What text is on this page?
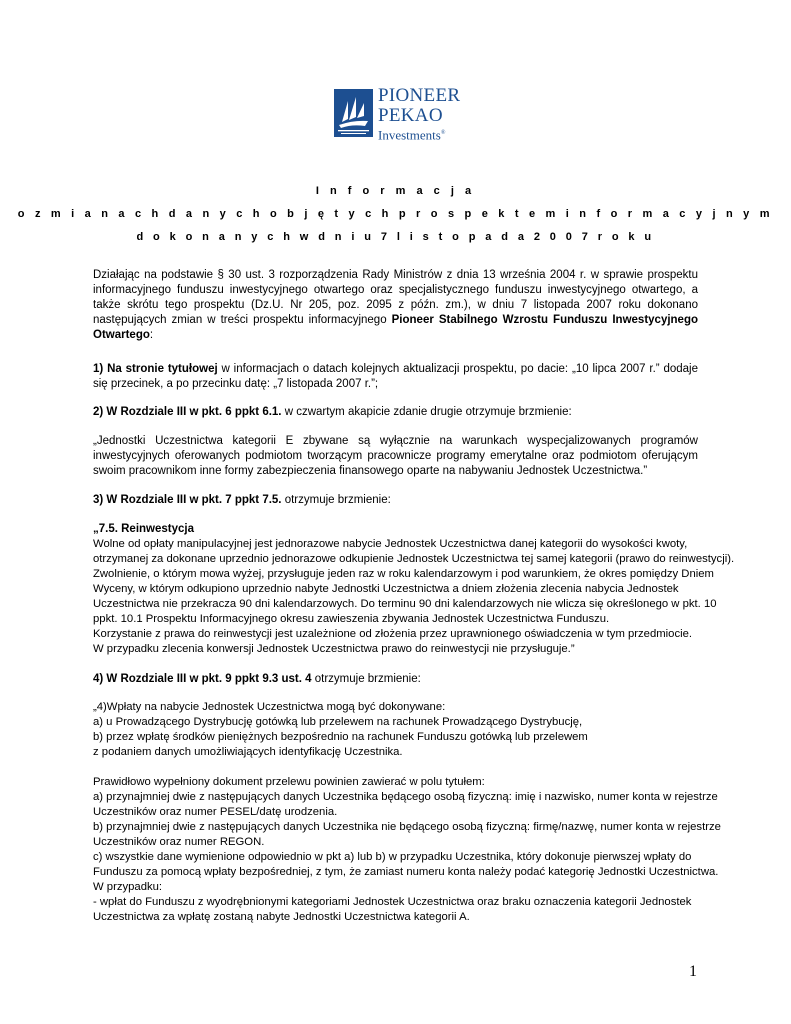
PIONEER
PEKAO
Investments®
I n f o r m a c j a
o z m i a n a c h d a n y c h o b j ę t y c h p r o s p e k t e m i n f o r m a c y j n y m
d o k o n a n y c h w d n i u 7 l i s t o p a d a 2 0 0 7 r o k u
Działając na podstawie § 30 ust. 3 rozporządzenia Rady Ministrów z dnia 13 września 2004 r. w sprawie prospektu informacyjnego funduszu inwestycyjnego otwartego oraz specjalistycznego funduszu inwestycyjnego otwartego, a także skrótu tego prospektu (Dz.U. Nr 205, poz. 2095 z późn. zm.), w dniu 7 listopada 2007 roku dokonano następujących zmian w treści prospektu informacyjnego Pioneer Stabilnego Wzrostu Funduszu Inwestycyjnego Otwartego:
1) Na stronie tytułowej w informacjach o datach kolejnych aktualizacji prospektu, po dacie: „10 lipca 2007 r.” dodaje się przecinek, a po przecinku datę: „7 listopada 2007 r.”;
2) W Rozdziale III w pkt. 6 ppkt 6.1. w czwartym akapicie zdanie drugie otrzymuje brzmienie:
„Jednostki Uczestnictwa kategorii E zbywane są wyłącznie na warunkach wyspecjalizowanych programów inwestycyjnych oferowanych podmiotom tworzącym pracownicze programy emerytalne oraz podmiotom oferującym swoim pracownikom inne formy zabezpieczenia finansowego oparte na nabywaniu Jednostek Uczestnictwa.”
3) W Rozdziale III w pkt. 7 ppkt 7.5. otrzymuje brzmienie:
„7.5. Reinwestycja
Wolne od opłaty manipulacyjnej jest jednorazowe nabycie Jednostek Uczestnictwa danej kategorii do wysokości kwoty,
otrzymanej za dokonane uprzednio jednorazowe odkupienie Jednostek Uczestnictwa tej samej kategorii (prawo do reinwestycji).
Zwolnienie, o którym mowa wyżej, przysługuje jeden raz w roku kalendarzowym i pod warunkiem, że okres pomiędzy Dniem
Wyceny, w którym odkupiono uprzednio nabyte Jednostki Uczestnictwa a dniem złożenia zlecenia nabycia Jednostek
Uczestnictwa nie przekracza 90 dni kalendarzowych. Do terminu 90 dni kalendarzowych nie wlicza się określonego w pkt. 10
ppkt. 10.1 Prospektu Informacyjnego okresu zawieszenia zbywania Jednostek Uczestnictwa Funduszu.
Korzystanie z prawa do reinwestycji jest uzależnione od złożenia przez uprawnionego oświadczenia w tym przedmiocie.
W przypadku zlecenia konwersji Jednostek Uczestnictwa prawo do reinwestycji nie przysługuje.”
4) W Rozdziale III w pkt. 9 ppkt 9.3 ust. 4 otrzymuje brzmienie:
„4)Wpłaty na nabycie Jednostek Uczestnictwa mogą być dokonywane:
a) u Prowadzącego Dystrybucję gotówką lub przelewem na rachunek Prowadzącego Dystrybucję,
b) przez wpłatę środków pieniężnych bezpośrednio na rachunek Funduszu gotówką lub przelewem
z podaniem danych umożliwiających identyfikację Uczestnika.
Prawidłowo wypełniony dokument przelewu powinien zawierać w polu tytułem:
a) przynajmniej dwie z następujących danych Uczestnika będącego osobą fizyczną: imię i nazwisko, numer konta w rejestrze
Uczestników oraz numer PESEL/datę urodzenia.
b) przynajmniej dwie z następujących danych Uczestnika nie będącego osobą fizyczną: firmę/nazwę, numer konta w rejestrze
Uczestników oraz numer REGON.
c) wszystkie dane wymienione odpowiednio w pkt a) lub b) w przypadku Uczestnika, który dokonuje pierwszej wpłaty do
Funduszu za pomocą wpłaty bezpośredniej, z tym, że zamiast numeru konta należy podać kategorię Jednostki Uczestnictwa.
W przypadku:
- wpłat do Funduszu z wyodrębnionymi kategoriami Jednostek Uczestnictwa oraz braku oznaczenia kategorii Jednostek
Uczestnictwa za wpłatę zostaną nabyte Jednostki Uczestnictwa kategorii A.
1
